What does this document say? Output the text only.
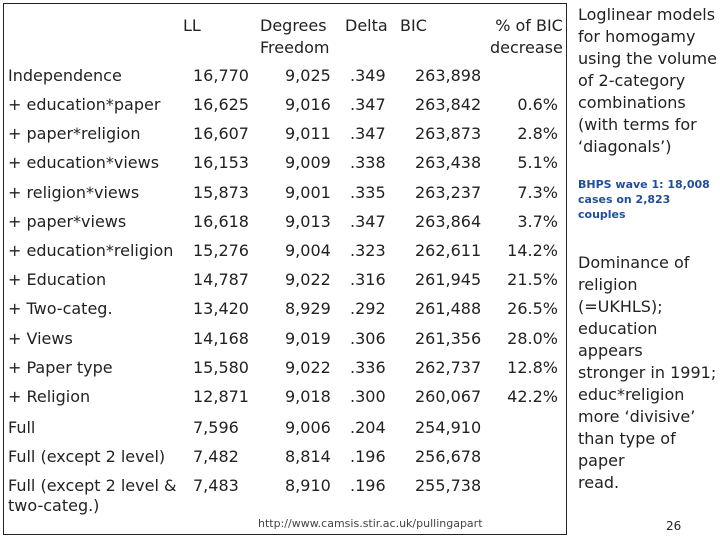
LL	Degrees
Freedom
Delta BIC	% of BIC
decrease
Independence	16,770 9,025 .349 263,898
+ education*paper 16,625 9,016 .347 263,842 0.6%
+ paper*religion	16,607 9,011 .347 263,873 2.8%
+ education*views 16,153 9,009 .338 263,438 5.1%
+ religion*views	15,873 9,001 .335 263,237 7.3%
+ paper*views	16,618 9,013 .347 263,864 3.7%
+ education*religion 15,276 9,004 .323 262,611 14.2%
+ Education	14,787 9,022 .316 261,945 21.5%
+ Two-categ.	13,420 8,929 .292 261,488 26.5%
+ Views	14,168 9,019 .306 261,356 28.0%
+ Paper type	15,580 9,022 .336 262,737 12.8%
+ Religion	12,871 9,018 .300 260,067 42.2%
Full	7,596	9,006 .204 254,910
Full (except 2 level) 7,482	8,814 .196 256,678
Full (except 2 level & 7,483	8,910 .196 255,738
two-categ.)
http://www.camsis.stir.ac.uk/pullingapart
Loglinear models
for homogamy
using the volume
of 2-category
combinations
(with terms for
‘diagonals’)
BHPS wave 1: 18,008
cases on 2,823 couples
Dominance of
religion (=UKHLS);
education appears
stronger in 1991;
educ*religion
more ‘divisive’
than type of paper
read.
26
